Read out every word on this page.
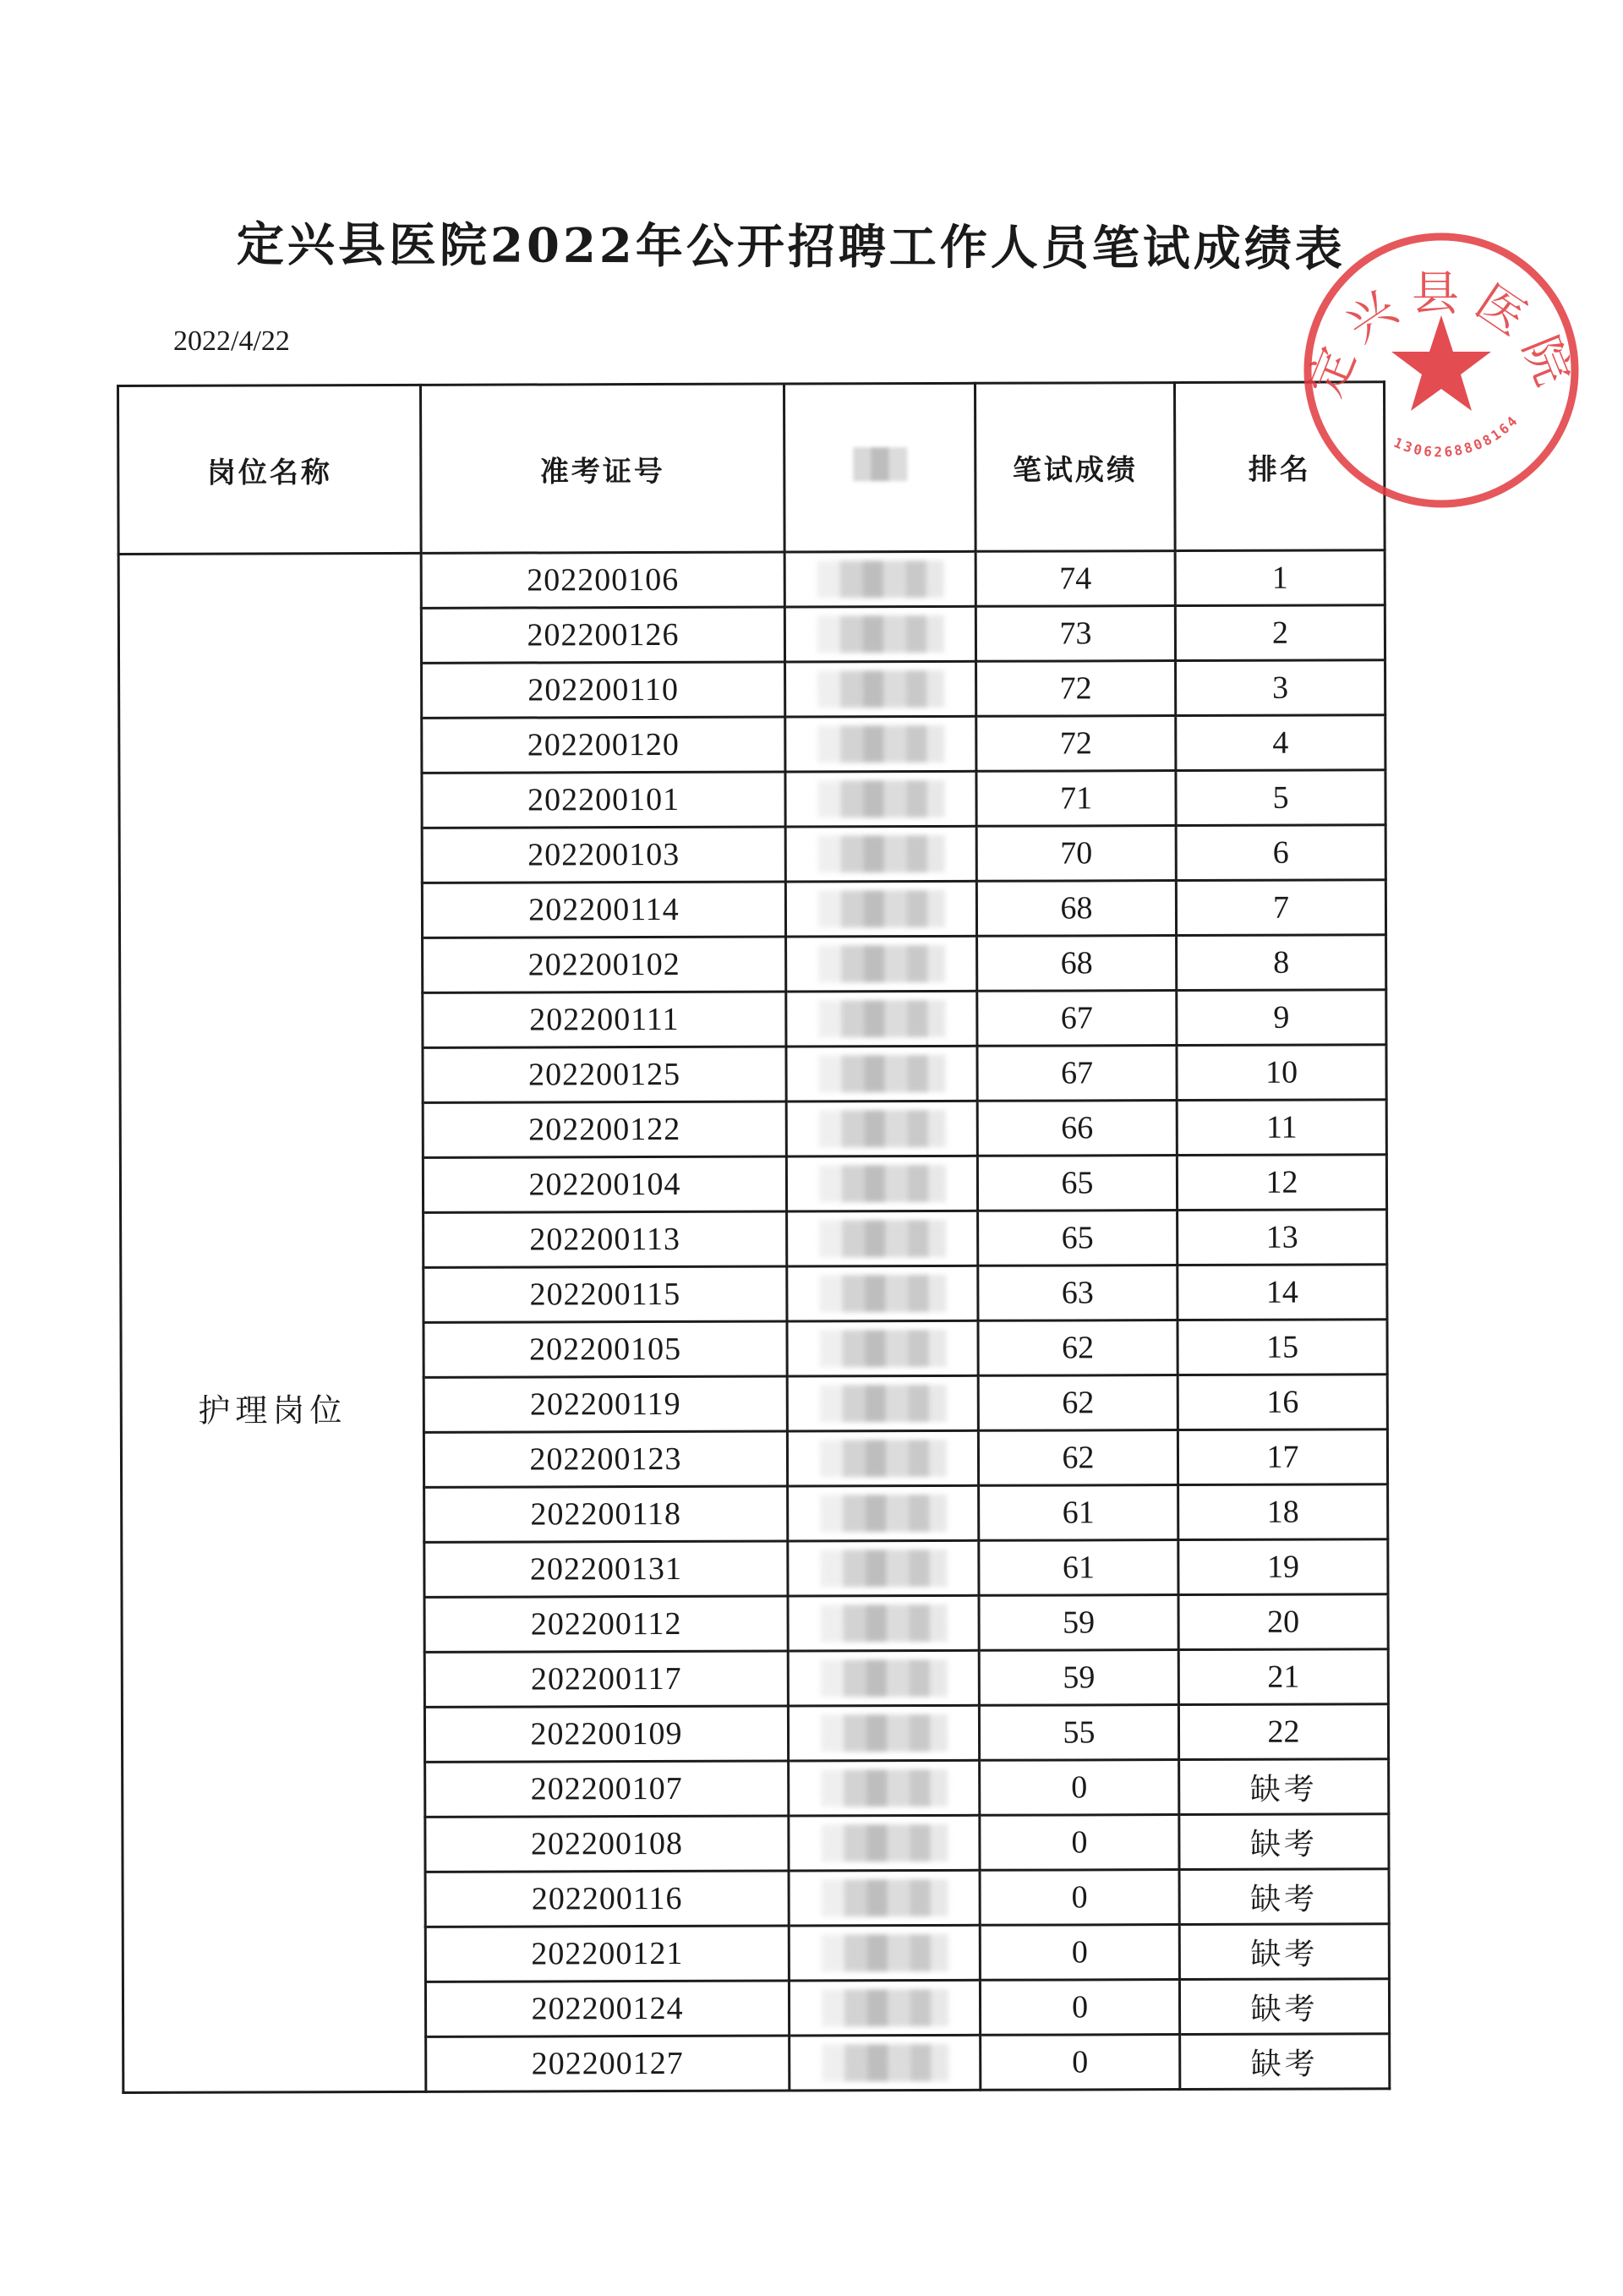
定兴县医院2022年公开招聘工作人员笔试成绩表
2022/4/22
岗位名称	准考证号		笔试成绩	排名
护理岗位	202200106		74	1
	202200126		73	2
	202200110		72	3
	202200120		72	4
	202200101		71	5
	202200103		70	6
	202200114		68	7
	202200102		68	8
	202200111		67	9
	202200125		67	10
	202200122		66	11
	202200104		65	12
	202200113		65	13
	202200115		63	14
	202200105		62	15
	202200119		62	16
	202200123		62	17
	202200118		61	18
	202200131		61	19
	202200112		59	20
	202200117		59	21
	202200109		55	22
	202200107		0	缺考
	202200108		0	缺考
	202200116		0	缺考
	202200121		0	缺考
	202200124		0	缺考
	202200127		0	缺考
定兴县医院
1306268808164
